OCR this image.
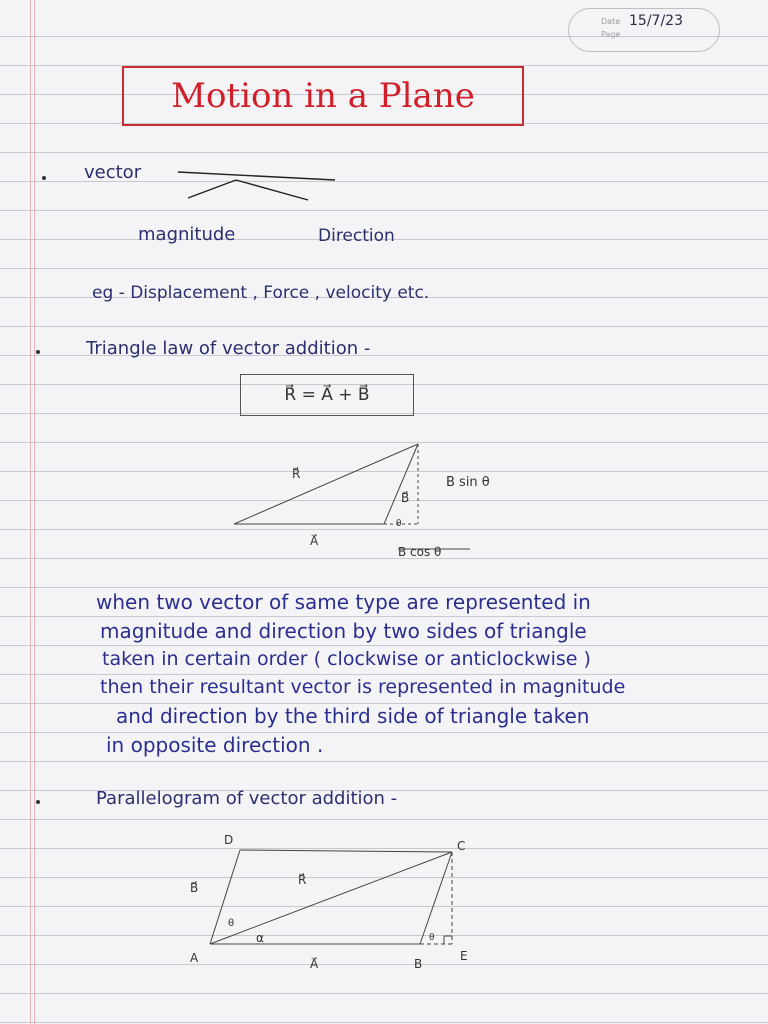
Date
Page
15/7/23
Motion in a Plane
vector
magnitude	Direction
eg - Displacement , Force , velocity etc.
Triangle law of vector addition -
R⃗ = A⃗ + B⃗
when two vector of same type are represented in
magnitude and direction by two sides of triangle
taken in certain order ( clockwise or anticlockwise )
then their resultant vector is represented in magnitude
and direction by the third side of triangle taken
in opposite direction .
Parallelogram of vector addition -
R⃗
B⃗
A⃗
θ
B sin θ
B cos θ
D	C
A	B
E
R⃗
B⃗
A⃗
θ
α	θ
